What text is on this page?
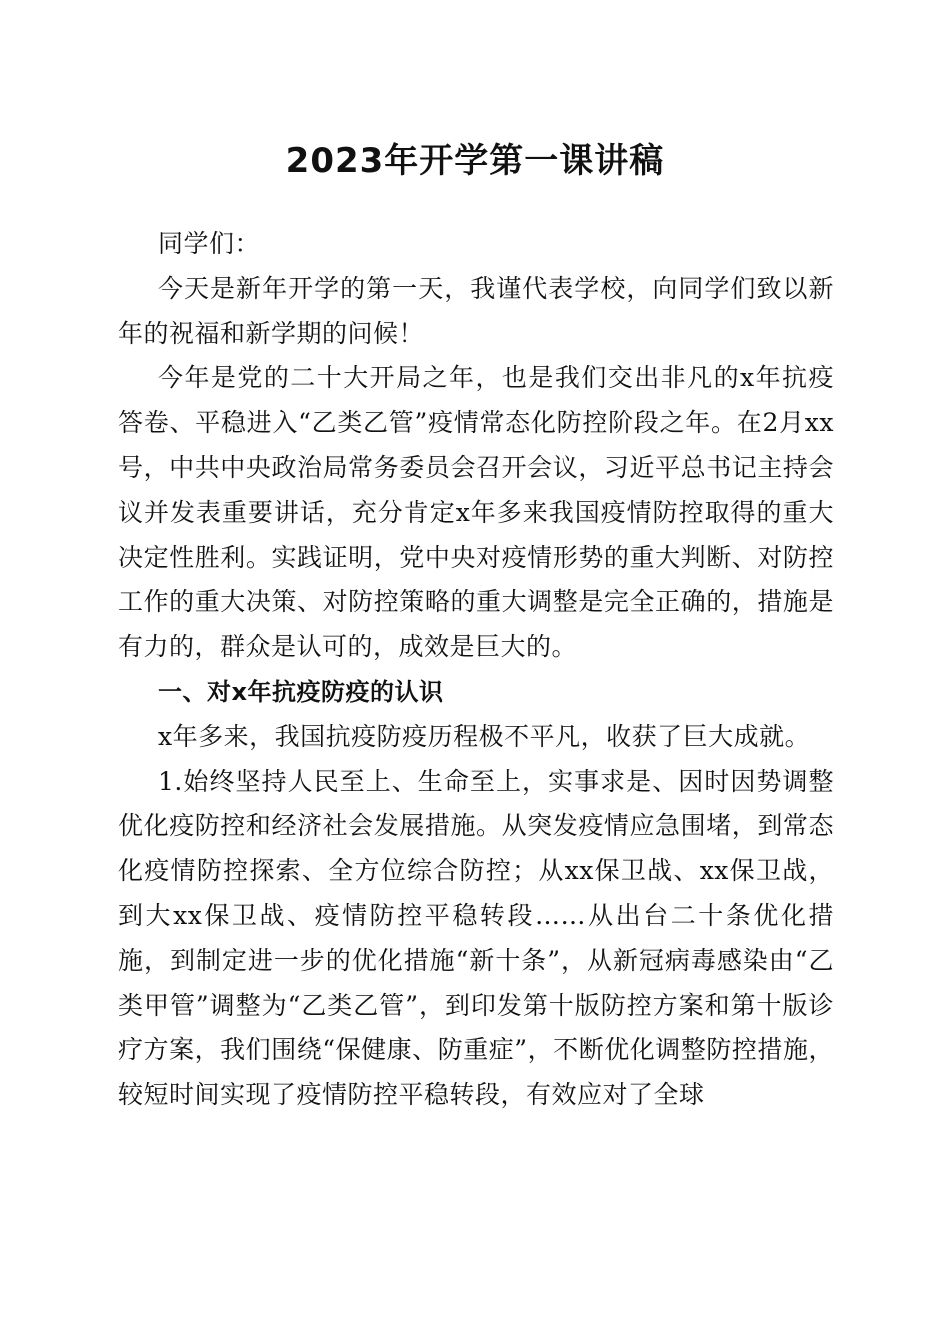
2023年开学第一课讲稿

同学们：

今天是新年开学的第一天，我谨代表学校，向同学们致以新年的祝福和新学期的问候！

今年是党的二十大开局之年，也是我们交出非凡的x年抗疫答卷、平稳进入“乙类乙管”疫情常态化防控阶段之年。在2月xx号，中共中央政治局常务委员会召开会议，习近平总书记主持会议并发表重要讲话，充分肯定x年多来我国疫情防控取得的重大决定性胜利。实践证明，党中央对疫情形势的重大判断、对防控工作的重大决策、对防控策略的重大调整是完全正确的，措施是有力的，群众是认可的，成效是巨大的。

一、对x年抗疫防疫的认识

x年多来，我国抗疫防疫历程极不平凡，收获了巨大成就。

1.始终坚持人民至上、生命至上，实事求是、因时因势调整优化疫防控和经济社会发展措施。从突发疫情应急围堵，到常态化疫情防控探索、全方位综合防控；从xx保卫战、xx保卫战，到大xx保卫战、疫情防控平稳转段……从出台二十条优化措施，到制定进一步的优化措施“新十条”，从新冠病毒感染由“乙类甲管”调整为“乙类乙管”，到印发第十版防控方案和第十版诊疗方案，我们围绕“保健康、防重症”，不断优化调整防控措施，较短时间实现了疫情防控平稳转段，有效应对了全球
